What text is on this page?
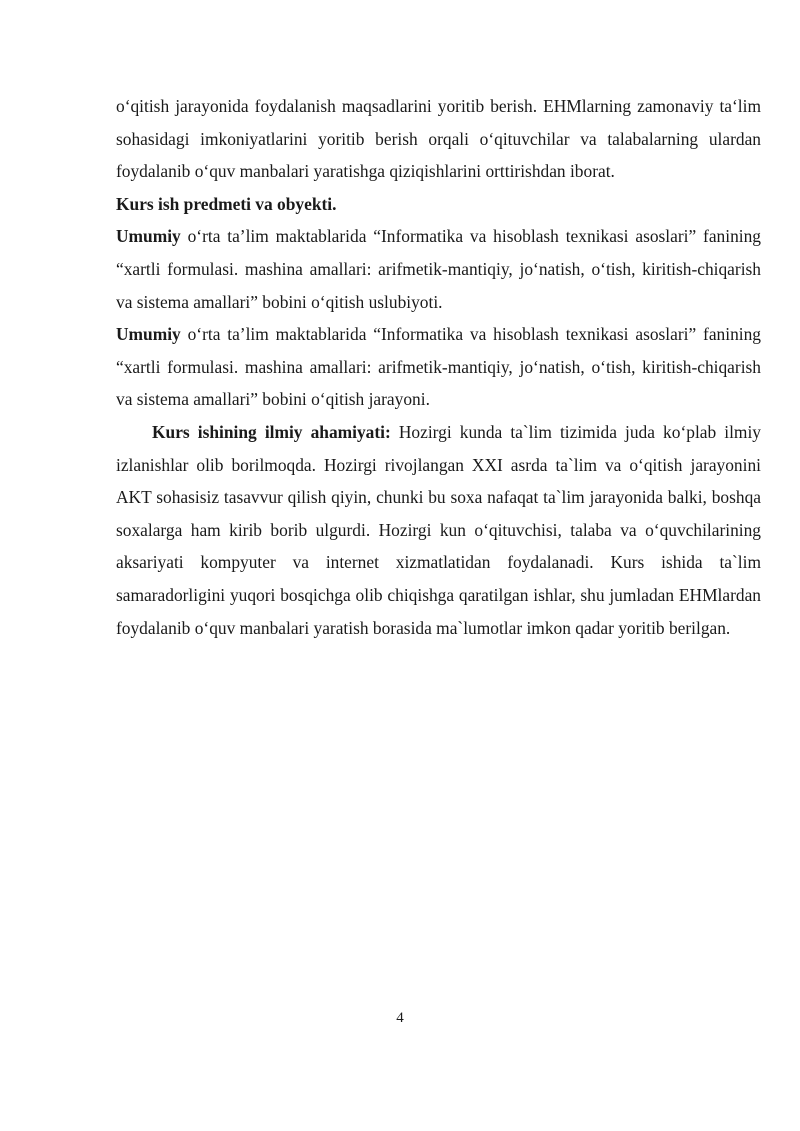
o‘qitish jarayonida foydalanish maqsadlarini yoritib berish. EHMlarning zamonaviy ta‘lim sohasidagi imkoniyatlarini yoritib berish orqali o‘qituvchilar va talabalarning ulardan foydalanib o‘quv manbalari yaratishga qiziqishlarini orttirishdan iborat.

Kurs ish predmeti va obyekti.

Umumiy o‘rta ta’lim maktablarida “Informatika va hisoblash texnikasi asoslari” fanining “xartli formulasi. mashina amallari: arifmetik-mantiqiy, jo‘natish, o‘tish, kiritish-chiqarish va sistema amallari” bobini o‘qitish uslubiyoti.

Umumiy o‘rta ta’lim maktablarida “Informatika va hisoblash texnikasi asoslari” fanining “xartli formulasi. mashina amallari: arifmetik-mantiqiy, jo‘natish, o‘tish, kiritish-chiqarish va sistema amallari” bobini o‘qitish jarayoni.

Kurs ishining ilmiy ahamiyati: Hozirgi kunda ta`lim tizimida juda ko‘plab ilmiy izlanishlar olib borilmoqda. Hozirgi rivojlangan XXI asrda ta`lim va o‘qitish jarayonini AKT sohasisiz tasavvur qilish qiyin, chunki bu soxa nafaqat ta`lim jarayonida balki, boshqa soxalarga ham kirib borib ulgurdi. Hozirgi kun o‘qituvchisi, talaba va o‘quvchilarining aksariyati kompyuter va internet xizmatlatidan foydalanadi. Kurs ishida ta`lim samaradorligini yuqori bosqichga olib chiqishga qaratilgan ishlar, shu jumladan EHMlardan foydalanib o‘quv manbalari yaratish borasida ma`lumotlar imkon qadar yoritib berilgan.

4
